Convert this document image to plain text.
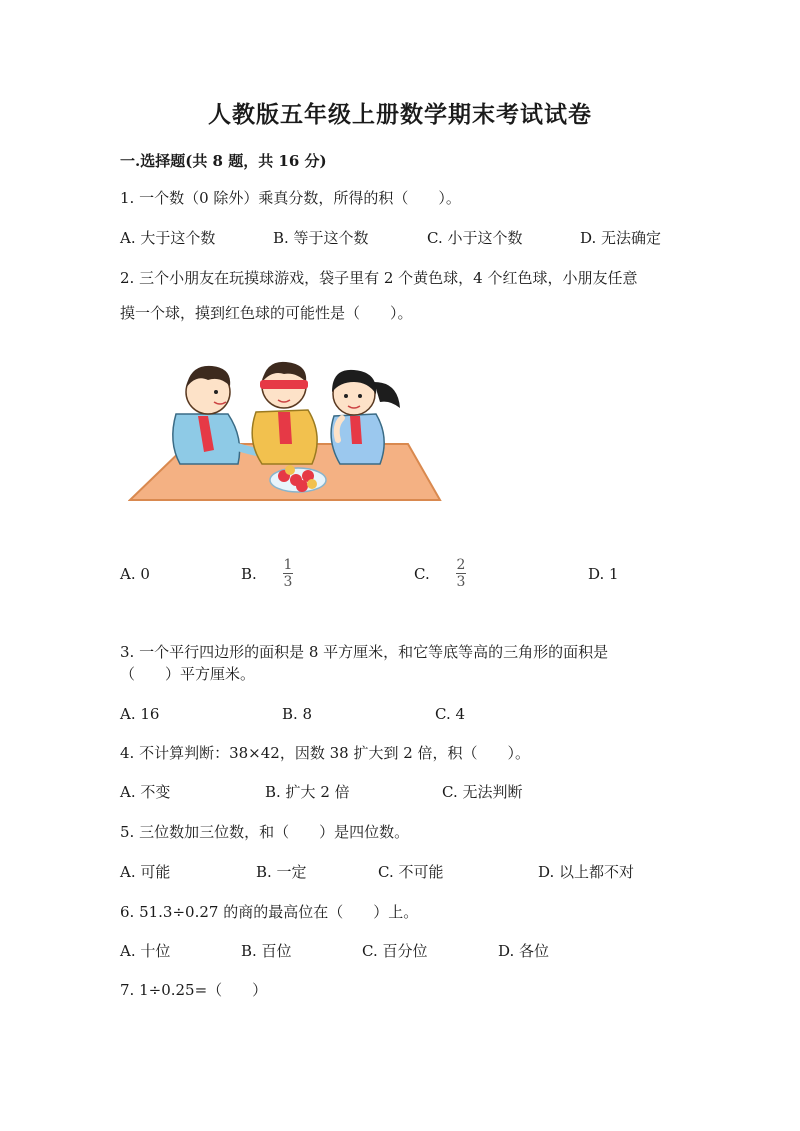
人教版五年级上册数学期末考试试卷
一.选择题(共 8 题，共 16 分)
1. 一个数（0 除外）乘真分数，所得的积（　　）。
A. 大于这个数	B. 等于这个数	C. 小于这个数	D. 无法确定
2. 三个小朋友在玩摸球游戏，袋子里有 2 个黄色球，4 个红色球，小朋友任意
摸一个球，摸到红色球的可能性是（　　）。
A. 0	B. 1
3	C. 2
3	D. 1
3. 一个平行四边形的面积是 8 平方厘米，和它等底等高的三角形的面积是
（　　）平方厘米。
A. 16	B. 8	C. 4
4. 不计算判断：38×42，因数 38 扩大到 2 倍，积（　　）。
A. 不变	B. 扩大 2 倍	C. 无法判断
5. 三位数加三位数，和（　　）是四位数。
A. 可能	B. 一定	C. 不可能	D. 以上都不对
6. 51.3÷0.27 的商的最高位在（　　）上。
A. 十位	B. 百位	C. 百分位	D. 各位
7. 1÷0.25=（　　）
